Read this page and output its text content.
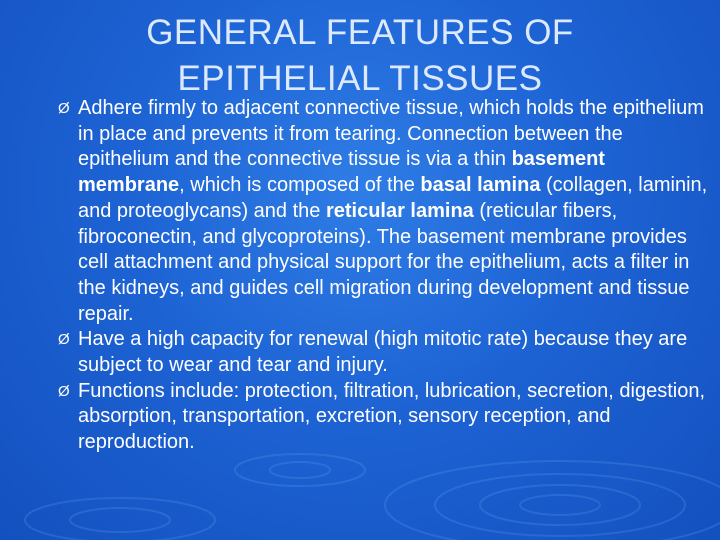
GENERAL FEATURES OF
EPITHELIAL TISSUES
Ø Adhere firmly to adjacent connective tissue, which holds the epithelium in place and prevents it from tearing. Connection between the epithelium and the connective tissue is via a thin basement membrane, which is composed of the basal lamina (collagen, laminin, and proteoglycans) and the reticular lamina (reticular fibers, fibroconectin, and glycoproteins). The basement membrane provides cell attachment and physical support for the epithelium, acts a filter in the kidneys, and guides cell migration during development and tissue repair.
Ø Have a high capacity for renewal (high mitotic rate) because they are subject to wear and tear and injury.
Ø Functions include: protection, filtration, lubrication, secretion, digestion, absorption, transportation, excretion, sensory reception, and reproduction.
